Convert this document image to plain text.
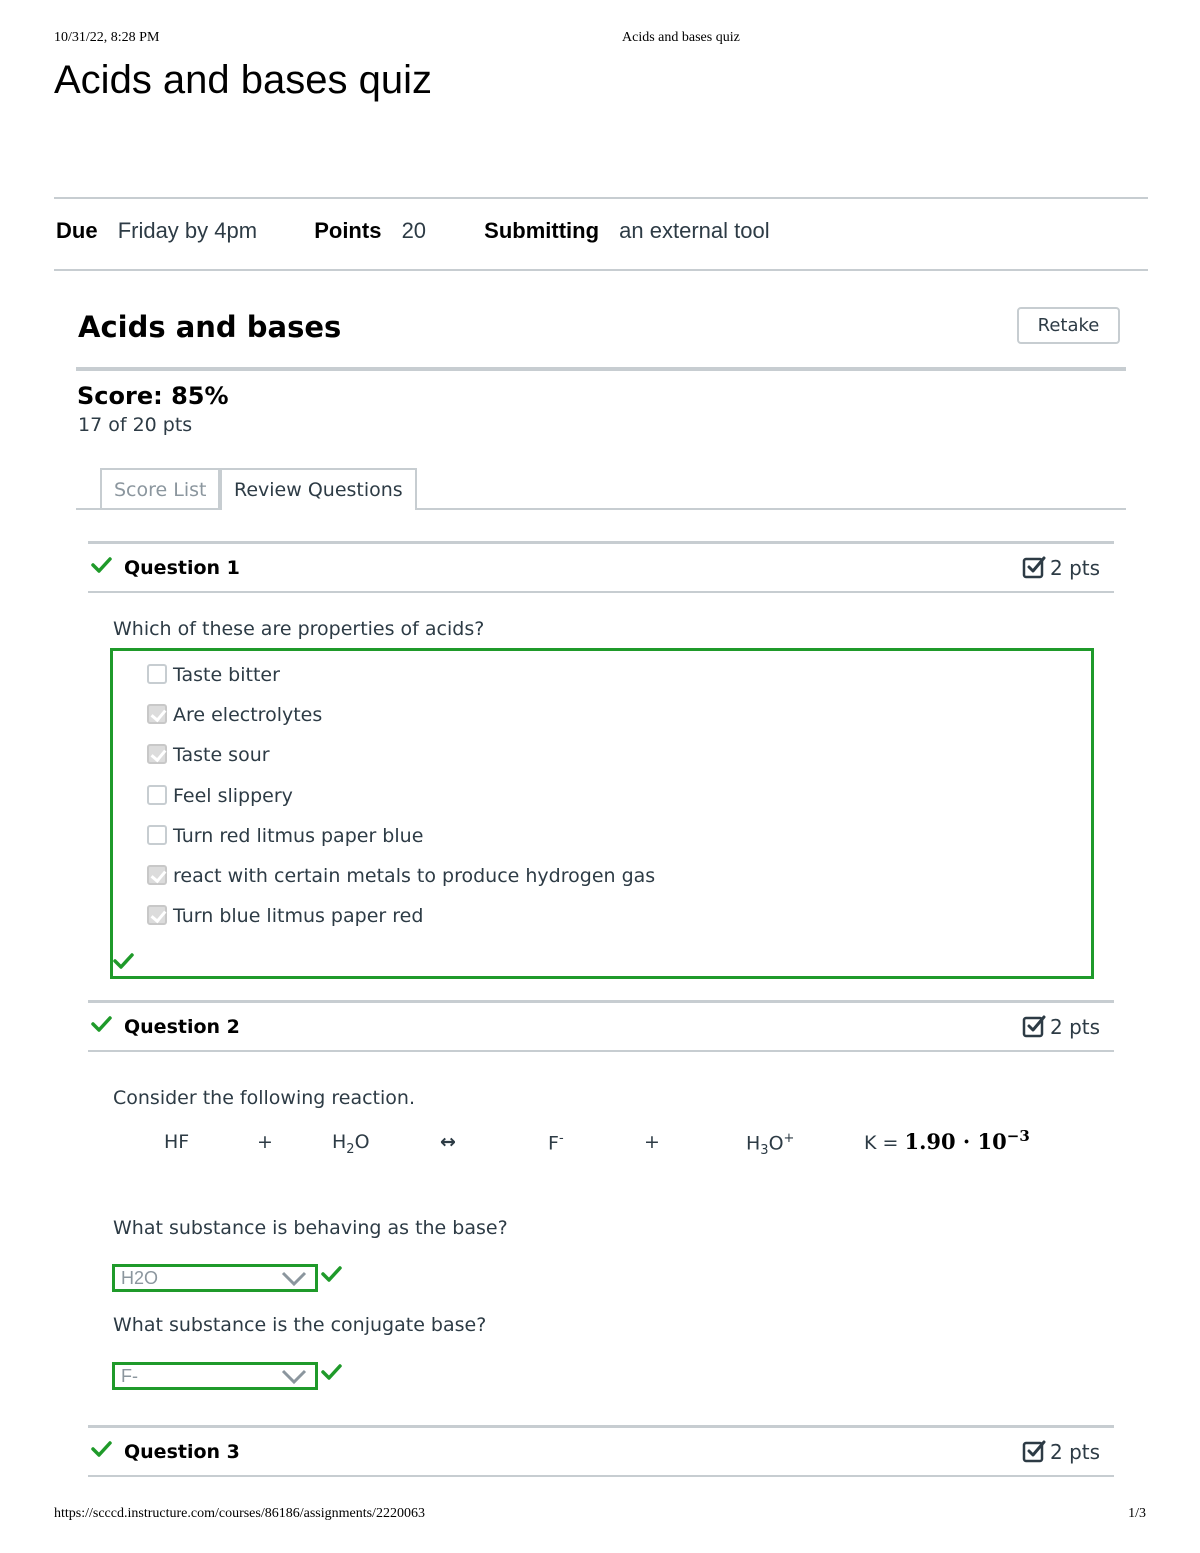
10/31/22, 8:28 PM	Acids and bases quiz
Acids and bases quiz
Due Friday by 4pm	Points 20	Submitting an external tool
Acids and bases	Retake
Score: 85%
17 of 20 pts
Score List	Review Questions
Question 1	2 pts
Which of these are properties of acids?
Taste bitter
Are electrolytes
Taste sour
Feel slippery
Turn red litmus paper blue
react with certain metals to produce hydrogen gas
Turn blue litmus paper red
Question 2	2 pts
Consider the following reaction.
HF	+	$H_2O$	↔	F-	+	$H_3O^+$	$K = 1.90 \cdot 10^{-3}$
What substance is behaving as the base?
H2O
What substance is the conjugate base?
F-
Question 3	2 pts
https://scccd.instructure.com/courses/86186/assignments/2220063	1/3
